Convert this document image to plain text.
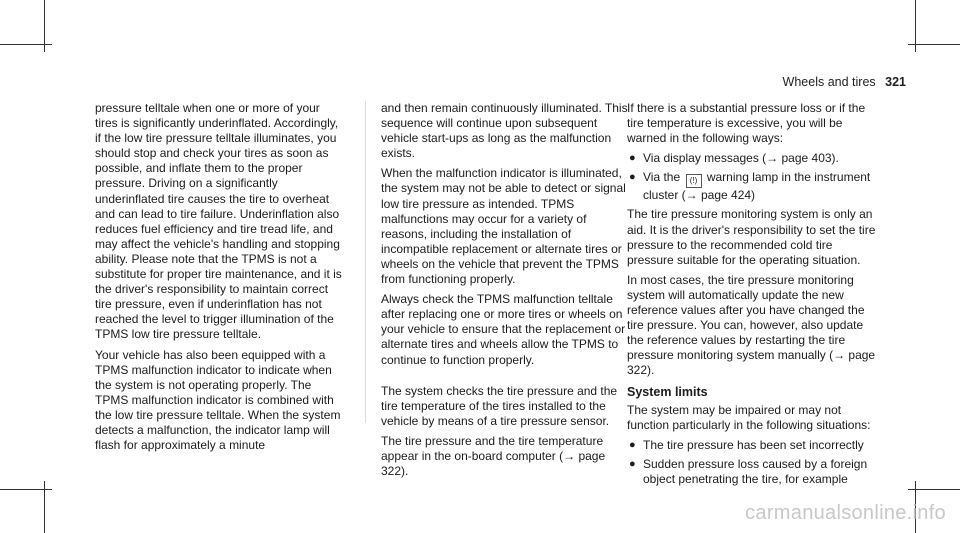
Wheels and tires 321

pressure telltale when one or more of your tires is significantly underinflated. Accordingly, if the low tire pressure telltale illuminates, you should stop and check your tires as soon as possible, and inflate them to the proper pressure. Driving on a significantly underinflated tire causes the tire to overheat and can lead to tire failure. Underinflation also reduces fuel efficiency and tire tread life, and may affect the vehicle's handling and stopping ability. Please note that the TPMS is not a substitute for proper tire maintenance, and it is the driver's responsibility to maintain correct tire pressure, even if underinflation has not reached the level to trigger illumination of the TPMS low tire pressure telltale.

Your vehicle has also been equipped with a TPMS malfunction indicator to indicate when the system is not operating properly. The TPMS malfunction indicator is combined with the low tire pressure telltale. When the system detects a malfunction, the indicator lamp will flash for approximately a minute

and then remain continuously illuminated. This sequence will continue upon subsequent vehicle start-ups as long as the malfunction exists.

When the malfunction indicator is illuminated, the system may not be able to detect or signal low tire pressure as intended. TPMS malfunctions may occur for a variety of reasons, including the installation of incompatible replacement or alternate tires or wheels on the vehicle that prevent the TPMS from functioning properly.

Always check the TPMS malfunction telltale after replacing one or more tires or wheels on your vehicle to ensure that the replacement or alternate tires and wheels allow the TPMS to continue to function properly.

The system checks the tire pressure and the tire temperature of the tires installed to the vehicle by means of a tire pressure sensor.

The tire pressure and the tire temperature appear in the on-board computer (→ page 322).

If there is a substantial pressure loss or if the tire temperature is excessive, you will be warned in the following ways:

● Via display messages (→ page 403).
● Via the (!) warning lamp in the instrument cluster (→ page 424)

The tire pressure monitoring system is only an aid. It is the driver's responsibility to set the tire pressure to the recommended cold tire pressure suitable for the operating situation.

In most cases, the tire pressure monitoring system will automatically update the new reference values after you have changed the tire pressure. You can, however, also update the reference values by restarting the tire pressure monitoring system manually (→ page 322).

System limits

The system may be impaired or may not function particularly in the following situations:

● The tire pressure has been set incorrectly
● Sudden pressure loss caused by a foreign object penetrating the tire, for example
carmanualsonline.info
